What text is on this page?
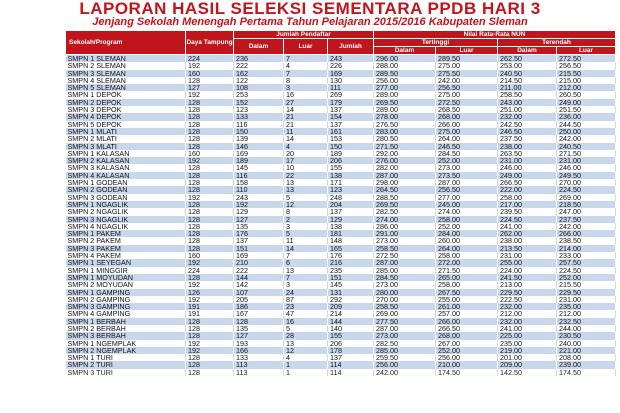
LAPORAN HASIL SELEKSI SEMENTARA PPDB HARI 3
Jenjang Sekolah Menengah Pertama Tahun Pelajaran 2015/2016 Kabupaten Sleman
Sekolah/Program	Daya Tampung	Jumlah Pendaftar			Nilai Rata-Rata NUN			
		Dalam	Luar	Jumlah	Tertinggi		Terendah	
					Dalam	Luar	Dalam	Luar
SMPN 1 SLEMAN	224	236	7	243	296.00	289.50	262.50	272.50
SMPN 2 SLEMAN	192	222	4	226	288.00	275.00	253.00	256.50
SMPN 3 SLEMAN	160	162	7	169	289.50	275.50	240.50	215.50
SMPN 4 SLEMAN	128	122	8	130	256.00	242.00	214.50	215.00
SMPN 5 SLEMAN	127	108	3	111	277.00	256.50	211.00	212.00
SMPN 1 DEPOK	192	253	16	269	289.00	275.00	258.50	260.50
SMPN 2 DEPOK	128	152	27	179	269.50	272.50	243.00	249.00
SMPN 3 DEPOK	128	123	14	137	289.00	268.50	251.00	251.50
SMPN 4 DEPOK	128	133	21	154	278.00	268.00	232.00	236.00
SMPN 5 DEPOK	128	116	21	137	276.50	266.00	242.50	244.50
SMPN 1 MLATI	128	150	11	161	283.00	275.00	246.50	250.00
SMPN 2 MLATI	128	139	14	153	280.50	264.00	237.50	242.00
SMPN 3 MLATI	128	146	4	150	271.50	246.50	238.00	240.50
SMPN 1 KALASAN	160	169	20	189	292.00	284.50	263.50	271.50
SMPN 2 KALASAN	192	189	17	206	276.00	252.00	231.00	231.00
SMPN 3 KALASAN	128	145	10	155	282.00	273.00	246.00	246.00
SMPN 4 KALASAN	128	116	22	138	287.00	273.50	249.00	249.50
SMPN 1 GODEAN	128	158	13	171	298.00	287.00	266.50	270.00
SMPN 2 GODEAN	128	110	13	123	264.50	256.50	222.00	224.50
SMPN 3 GODEAN	192	243	5	248	288.50	277.00	258.00	269.00
SMPN 1 NGAGLIK	128	192	12	204	269.50	245.00	217.00	218.50
SMPN 2 NGAGLIK	128	129	8	137	282.50	274.00	239.50	247.00
SMPN 3 NGAGLIK	128	127	2	129	274.00	258.00	224.50	237.50
SMPN 4 NGAGLIK	128	135	3	138	286.00	252.00	241.00	242.00
SMPN 1 PAKEM	128	176	5	181	291.00	284.00	262.00	266.00
SMPN 2 PAKEM	128	137	11	148	273.00	260.00	238.00	238.50
SMPN 3 PAKEM	128	151	14	165	258.50	264.00	213.50	214.00
SMPN 4 PAKEM	160	169	7	176	272.50	258.00	231.00	233.00
SMPN 1 SEYEGAN	192	210	6	216	287.00	272.00	255.00	257.50
SMPN 1 MINGGIR	224	222	13	235	285.00	271.50	224.00	224.50
SMPN 1 MOYUDAN	128	144	7	151	284.50	265.00	241.50	252.00
SMPN 2 MOYUDAN	192	142	3	145	273.00	258.00	213.00	215.50
SMPN 1 GAMPING	126	107	24	131	280.00	267.50	229.50	229.50
SMPN 2 GAMPING	192	205	87	292	270.00	255.00	222.50	231.00
SMPN 3 GAMPING	191	186	23	209	258.50	261.00	232.00	235.00
SMPN 4 GAMPING	191	167	47	214	269.00	257.00	212.00	212.00
SMPN 1 BERBAH	128	128	16	144	277.50	266.00	232.00	232.50
SMPN 2 BERBAH	128	135	5	140	287.00	266.50	241.00	244.00
SMPN 3 BERBAH	128	127	28	155	273.00	268.00	225.00	230.50
SMPN 1 NGEMPLAK	192	193	13	206	282.50	267.00	235.00	240.00
SMPN 2 NGEMPLAK	192	166	12	178	285.00	252.00	219.00	221.00
SMPN 1 TURI	128	133	4	137	259.50	256.00	201.00	208.00
SMPN 2 TURI	128	113	1	114	256.00	210.00	209.00	239.00
SMPN 3 TURI	128	113	1	114	242.00	174.50	142.50	174.50
